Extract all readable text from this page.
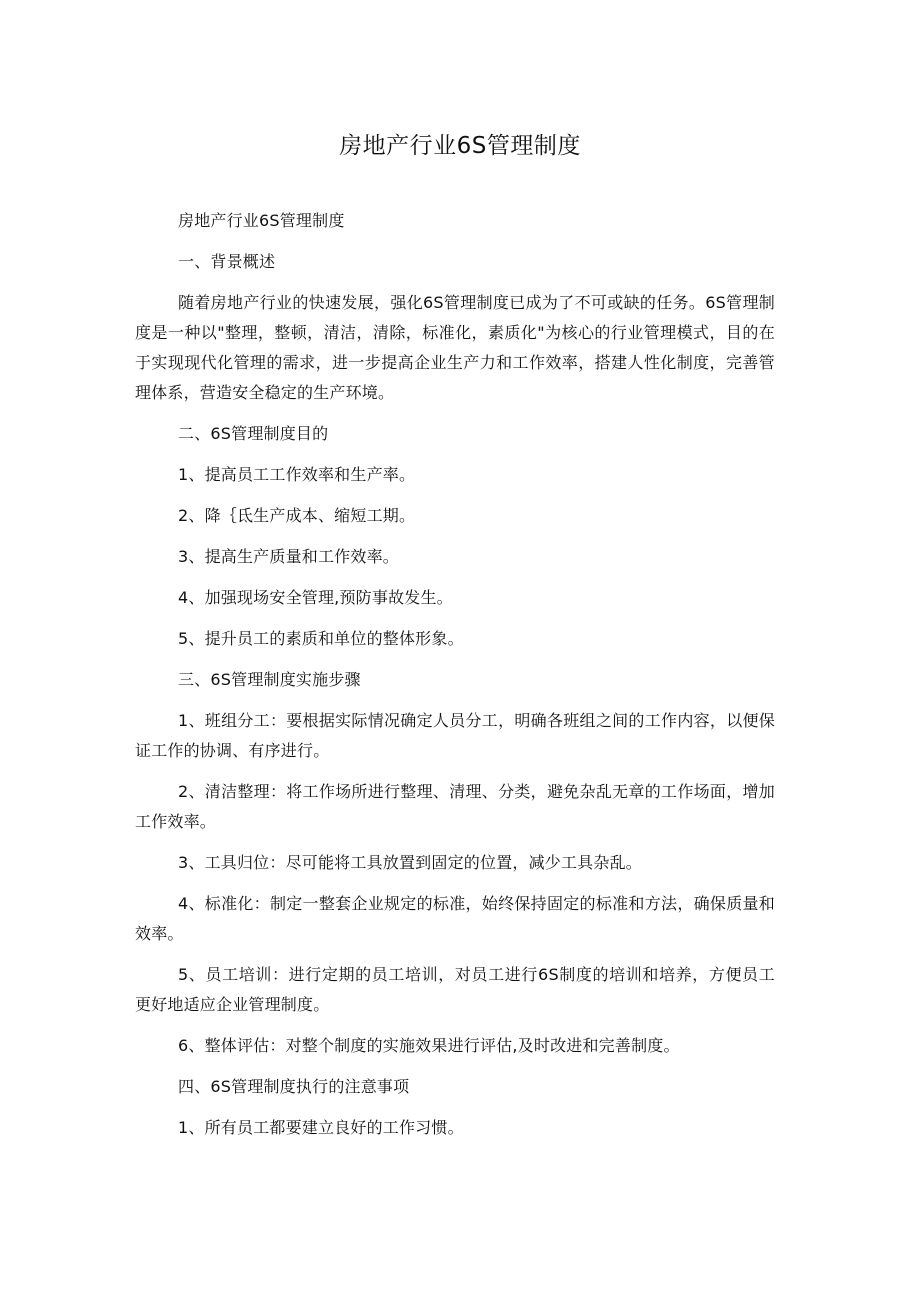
房地产行业6S管理制度

房地产行业6S管理制度

一、背景概述

随着房地产行业的快速发展，强化6S管理制度已成为了不可或缺的任务。6S管理制度是一种以"整理，整顿，清洁，清除，标准化，素质化"为核心的行业管理模式，目的在于实现现代化管理的需求，进一步提高企业生产力和工作效率，搭建人性化制度，完善管理体系，营造安全稳定的生产环境。

二、6S管理制度目的

1、提高员工工作效率和生产率。

2、降｛氐生产成本、缩短工期。

3、提高生产质量和工作效率。

4、加强现场安全管理,预防事故发生。

5、提升员工的素质和单位的整体形象。

三、6S管理制度实施步骤

1、班组分工：要根据实际情况确定人员分工，明确各班组之间的工作内容，以便保证工作的协调、有序进行。

2、清洁整理：将工作场所进行整理、清理、分类，避免杂乱无章的工作场面，增加工作效率。

3、工具归位：尽可能将工具放置到固定的位置，减少工具杂乱。

4、标准化：制定一整套企业规定的标准，始终保持固定的标准和方法，确保质量和效率。

5、员工培训：进行定期的员工培训，对员工进行6S制度的培训和培养，方便员工更好地适应企业管理制度。

6、整体评估：对整个制度的实施效果进行评估,及时改进和完善制度。

四、6S管理制度执行的注意事项

1、所有员工都要建立良好的工作习惯。
